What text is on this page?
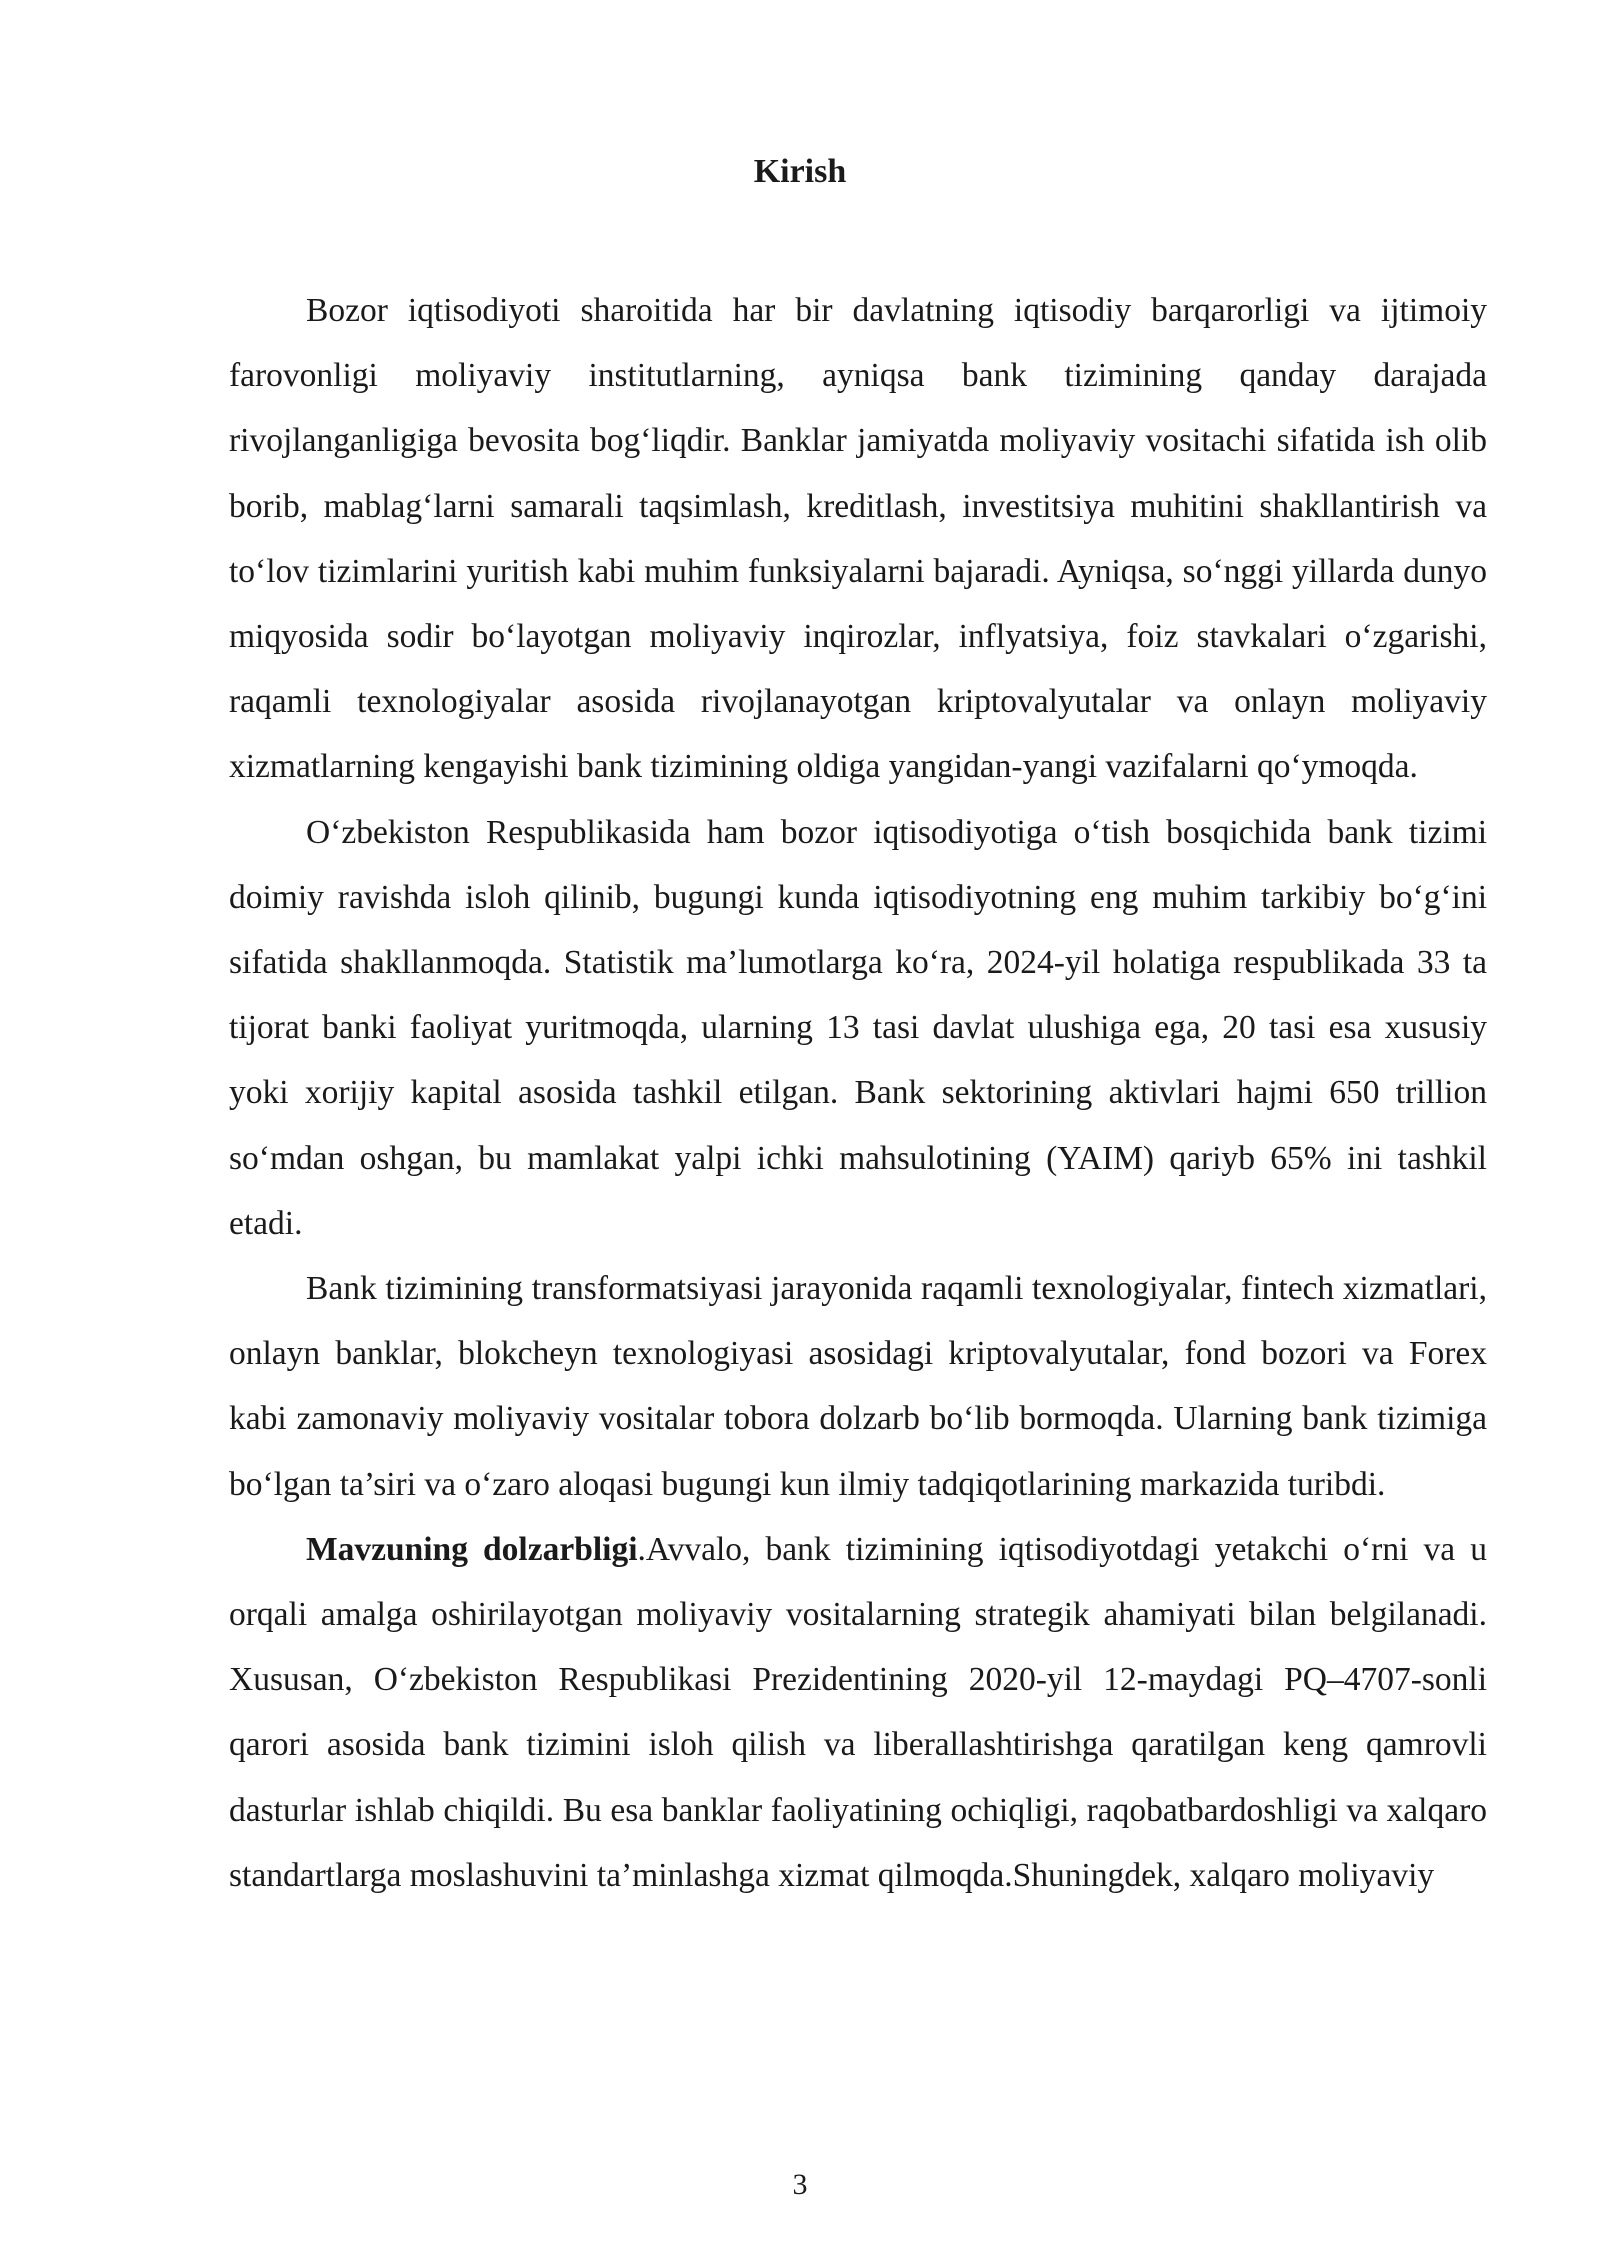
Kirish

Bozor iqtisodiyoti sharoitida har bir davlatning iqtisodiy barqarorligi va ijtimoiy farovonligi moliyaviy institutlarning, ayniqsa bank tizimining qanday darajada rivojlanganligiga bevosita bog‘liqdir. Banklar jamiyatda moliyaviy vositachi sifatida ish olib borib, mablag‘larni samarali taqsimlash, kreditlash, investitsiya muhitini shakllantirish va to‘lov tizimlarini yuritish kabi muhim funksiyalarni bajaradi. Ayniqsa, so‘nggi yillarda dunyo miqyosida sodir bo‘layotgan moliyaviy inqirozlar, inflyatsiya, foiz stavkalari o‘zgarishi, raqamli texnologiyalar asosida rivojlanayotgan kriptovalyutalar va onlayn moliyaviy xizmatlarning kengayishi bank tizimining oldiga yangidan-yangi vazifalarni qo‘ymoqda.

O‘zbekiston Respublikasida ham bozor iqtisodiyotiga o‘tish bosqichida bank tizimi doimiy ravishda isloh qilinib, bugungi kunda iqtisodiyotning eng muhim tarkibiy bo‘g‘ini sifatida shakllanmoqda. Statistik ma’lumotlarga ko‘ra, 2024-yil holatiga respublikada 33 ta tijorat banki faoliyat yuritmoqda, ularning 13 tasi davlat ulushiga ega, 20 tasi esa xususiy yoki xorijiy kapital asosida tashkil etilgan. Bank sektorining aktivlari hajmi 650 trillion so‘mdan oshgan, bu mamlakat yalpi ichki mahsulotining (YAIM) qariyb 65% ini tashkil etadi.

Bank tizimining transformatsiyasi jarayonida raqamli texnologiyalar, fintech xizmatlari, onlayn banklar, blokcheyn texnologiyasi asosidagi kriptovalyutalar, fond bozori va Forex kabi zamonaviy moliyaviy vositalar tobora dolzarb bo‘lib bormoqda. Ularning bank tizimiga bo‘lgan ta’siri va o‘zaro aloqasi bugungi kun ilmiy tadqiqotlarining markazida turibdi.

Mavzuning dolzarbligi.Avvalo, bank tizimining iqtisodiyotdagi yetakchi o‘rni va u orqali amalga oshirilayotgan moliyaviy vositalarning strategik ahamiyati bilan belgilanadi. Xususan, O‘zbekiston Respublikasi Prezidentining 2020-yil 12-maydagi PQ–4707-sonli qarori asosida bank tizimini isloh qilish va liberallashtirishga qaratilgan keng qamrovli dasturlar ishlab chiqildi. Bu esa banklar faoliyatining ochiqligi, raqobatbardoshligi va xalqaro standartlarga moslashuvini ta’minlashga xizmat qilmoqda.Shuningdek, xalqaro moliyaviy

3
